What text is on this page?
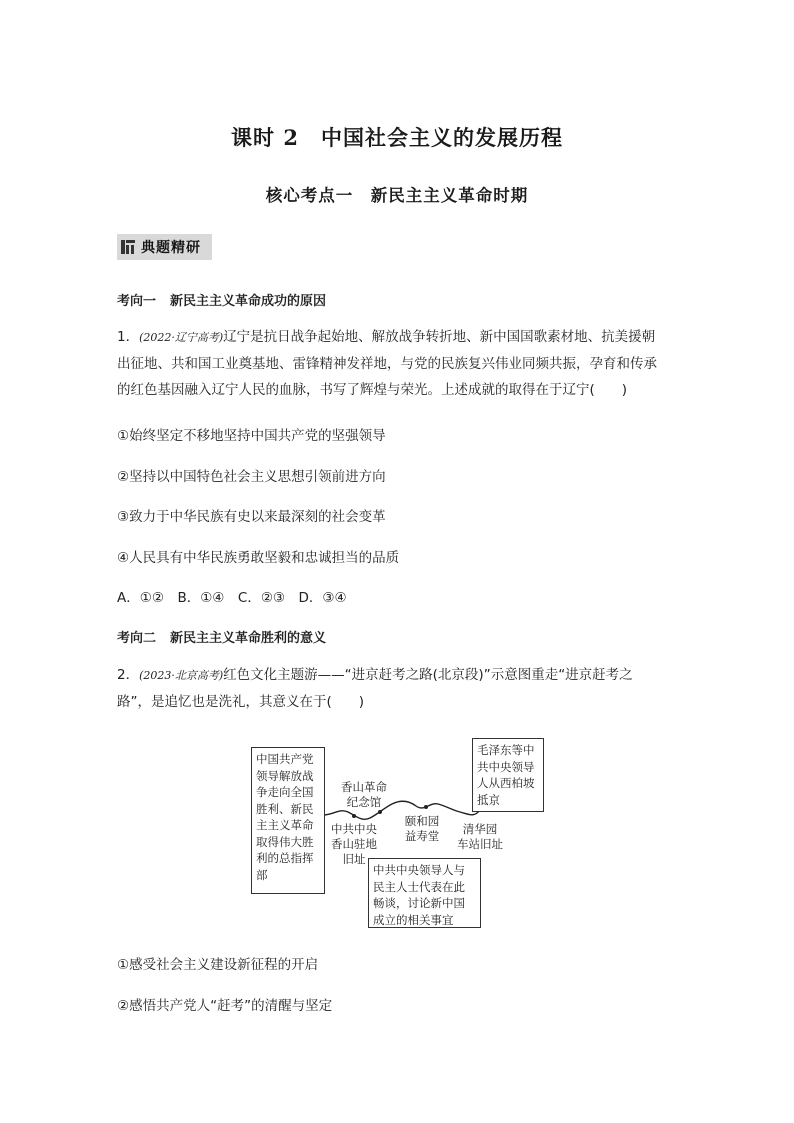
课时 2　中国社会主义的发展历程
核心考点一　新民主主义革命时期
典题精研
考向一 新民主主义革命成功的原因
1．(2022·辽宁高考)辽宁是抗日战争起始地、解放战争转折地、新中国国歌素材地、抗美援朝
出征地、共和国工业奠基地、雷锋精神发祥地，与党的民族复兴伟业同频共振，孕育和传承
的红色基因融入辽宁人民的血脉，书写了辉煌与荣光。上述成就的取得在于辽宁(　　)
①始终坚定不移地坚持中国共产党的坚强领导
②坚持以中国特色社会主义思想引领前进方向
③致力于中华民族有史以来最深刻的社会变革
④人民具有中华民族勇敢坚毅和忠诚担当的品质
A．①②　B．①④　C．②③　D．③④
考向二 新民主主义革命胜利的意义
2．(2023·北京高考)红色文化主题游——“进京赶考之路(北京段)”示意图重走“进京赶考之
路”，是追忆也是洗礼，其意义在于(　　)
中国共产党
领导解放战
争走向全国
胜利、新民
主主义革命
取得伟大胜
利的总指挥
部
毛泽东等中
共中央领导
人从西柏坡
抵京
中共中央领导人与
民主人士代表在此
畅谈，讨论新中国
成立的相关事宜
香山革命
纪念馆
中共中央
香山驻地
旧址
颐和园
益寿堂	清华园
车站旧址
①感受社会主义建设新征程的开启
②感悟共产党人“赶考”的清醒与坚定
